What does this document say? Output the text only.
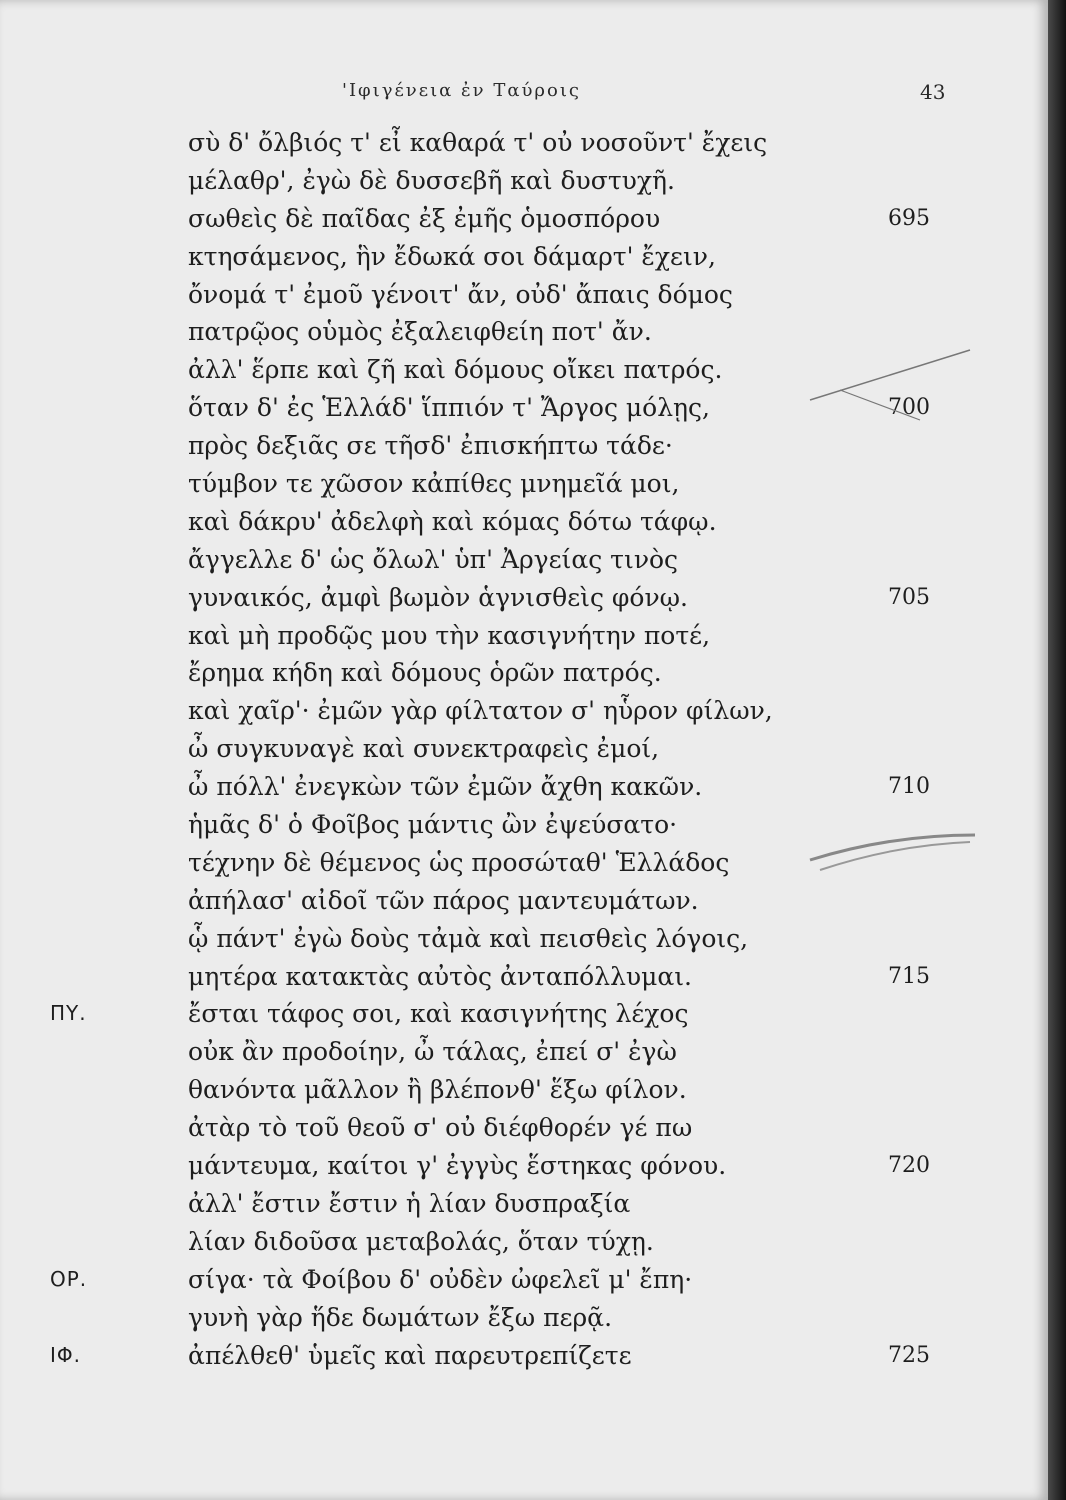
'Ιφιγένεια ἐν Ταύροις	43
σὺ δ' ὄλβιός τ' εἶ καθαρά τ' οὐ νοσοῦντ' ἔχεις
μέλαθρ', ἐγὼ δὲ δυσσεβῆ καὶ δυστυχῆ.
σωθεὶς δὲ παῖδας ἐξ ἐμῆς ὁμοσπόρου	695
κτησάμενος, ἣν ἔδωκά σοι δάμαρτ' ἔχειν,
ὄνομά τ' ἐμοῦ γένοιτ' ἄν, οὐδ' ἄπαις δόμος
πατρῷος οὑμὸς ἐξαλειφθείη ποτ' ἄν.
ἀλλ' ἕρπε καὶ ζῆ καὶ δόμους οἴκει πατρός.
ὅταν δ' ἐς Ἑλλάδ' ἵππιόν τ' Ἄργος μόλῃς,	700
πρὸς δεξιᾶς σε τῆσδ' ἐπισκήπτω τάδε·
τύμβον τε χῶσον κἀπίθες μνημεῖά μοι,
καὶ δάκρυ' ἀδελφὴ καὶ κόμας δότω τάφῳ.
ἄγγελλε δ' ὡς ὄλωλ' ὑπ' Ἀργείας τινὸς
γυναικός, ἀμφὶ βωμὸν ἁγνισθεὶς φόνῳ.	705
καὶ μὴ προδῷς μου τὴν κασιγνήτην ποτέ,
ἔρημα κήδη καὶ δόμους ὁρῶν πατρός.
καὶ χαῖρ'· ἐμῶν γὰρ φίλτατον σ' ηὗρον φίλων,
ὦ συγκυναγὲ καὶ συνεκτραφεὶς ἐμοί,
ὦ πόλλ' ἐνεγκὼν τῶν ἐμῶν ἄχθη κακῶν.	710
ἡμᾶς δ' ὁ Φοῖβος μάντις ὢν ἐψεύσατο·
τέχνην δὲ θέμενος ὡς προσώταθ' Ἑλλάδος
ἀπήλασ' αἰδοῖ τῶν πάρος μαντευμάτων.
ᾧ πάντ' ἐγὼ δοὺς τἀμὰ καὶ πεισθεὶς λόγοις,
μητέρα κατακτὰς αὐτὸς ἀνταπόλλυμαι.	715
ΠΥ.	ἔσται τάφος σοι, καὶ κασιγνήτης λέχος
οὐκ ἂν προδοίην, ὦ τάλας, ἐπεί σ' ἐγὼ
θανόντα μᾶλλον ἢ βλέπονθ' ἕξω φίλον.
ἀτὰρ τὸ τοῦ θεοῦ σ' οὐ διέφθορέν γέ πω
μάντευμα, καίτοι γ' ἐγγὺς ἕστηκας φόνου.	720
ἀλλ' ἔστιν ἔστιν ἡ λίαν δυσπραξία
λίαν διδοῦσα μεταβολάς, ὅταν τύχῃ.
ΟΡ.	σίγα· τὰ Φοίβου δ' οὐδὲν ὠφελεῖ μ' ἔπη·
γυνὴ γὰρ ἥδε δωμάτων ἔξω περᾷ.
ΙΦ.	ἀπέλθεθ' ὑμεῖς καὶ παρευτρεπίζετε	725
